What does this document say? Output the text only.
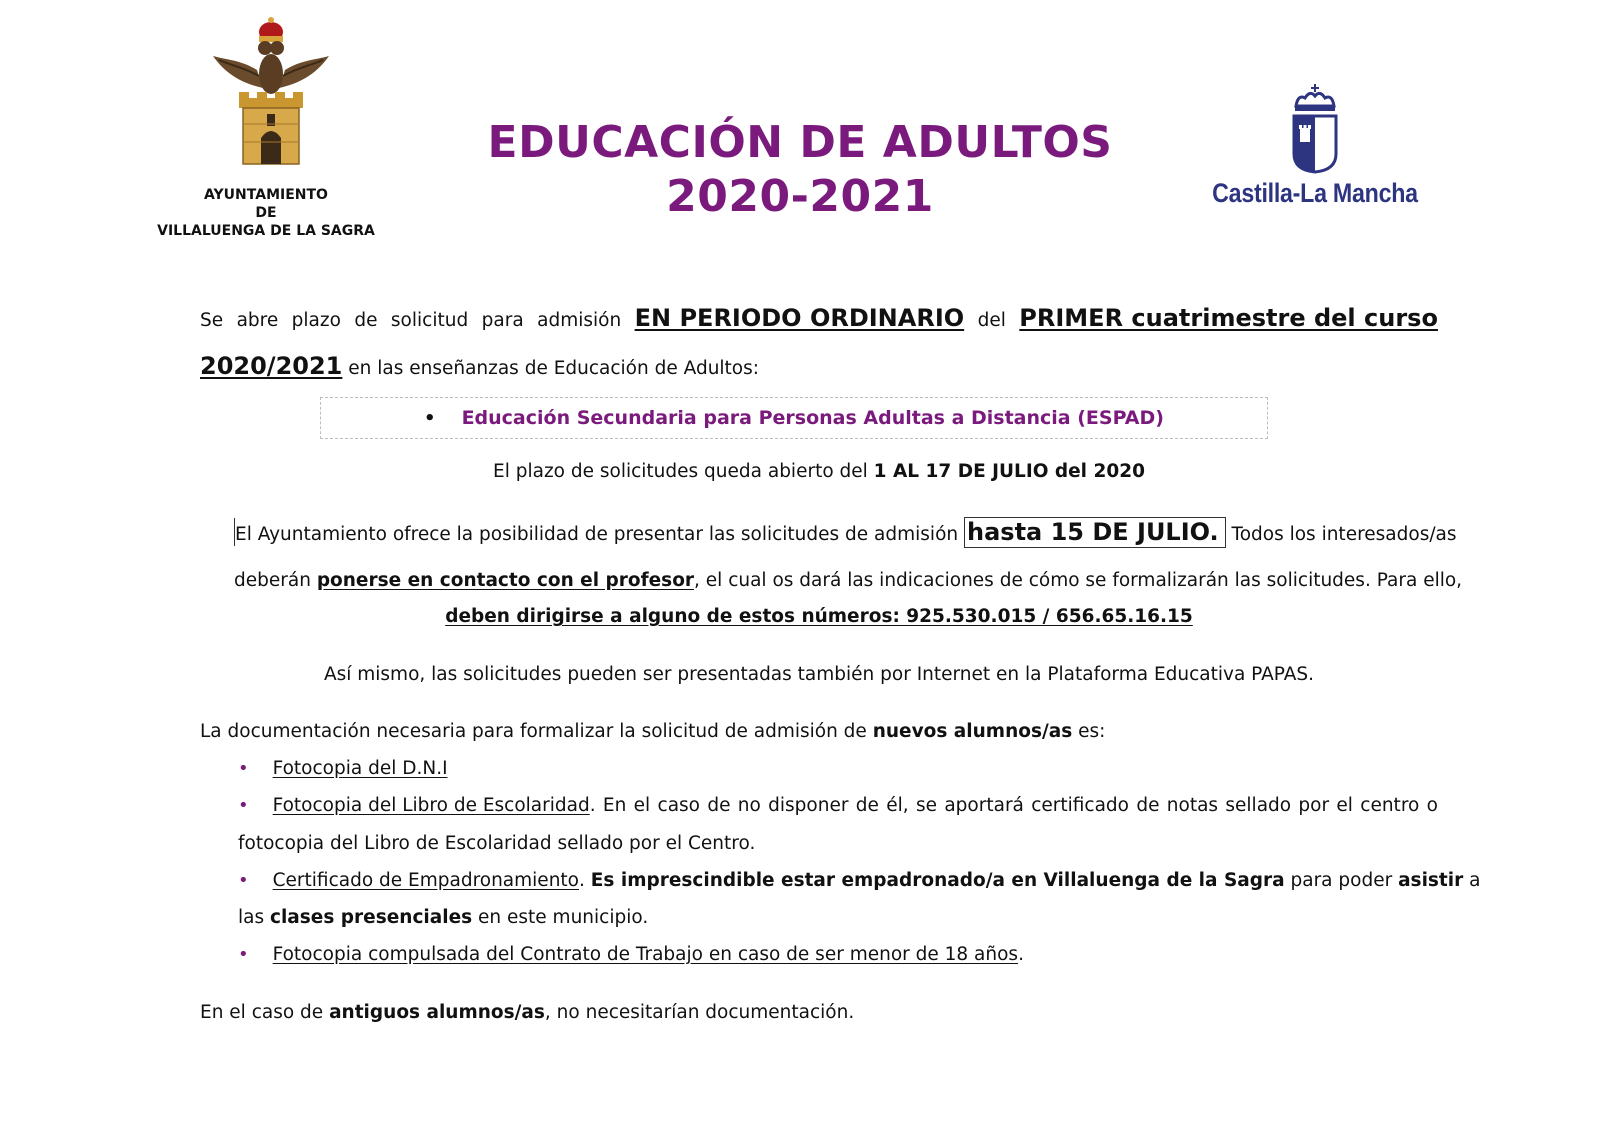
AYUNTAMIENTO
DE
VILLALUENGA DE LA SAGRA
EDUCACIÓN DE ADULTOS
2020-2021	Castilla-La Mancha
Se abre plazo de solicitud para admisión EN PERIODO ORDINARIO del PRIMER cuatrimestre del curso
2020/2021 en las enseñanzas de Educación de Adultos:
• Educación Secundaria para Personas Adultas a Distancia (ESPAD)
El plazo de solicitudes queda abierto del 1 AL 17 DE JULIO del 2020
El Ayuntamiento ofrece la posibilidad de presentar las solicitudes de admisión hasta 15 DE JULIO. Todos los interesados/as
deberán ponerse en contacto con el profesor, el cual os dará las indicaciones de cómo se formalizarán las solicitudes. Para ello,
deben dirigirse a alguno de estos números: 925.530.015 / 656.65.16.15
Así mismo, las solicitudes pueden ser presentadas también por Internet en la Plataforma Educativa PAPAS.
La documentación necesaria para formalizar la solicitud de admisión de nuevos alumnos/as es:
• Fotocopia del D.N.I
• Fotocopia del Libro de Escolaridad . En el caso de no disponer de él, se aportará certificado de notas sellado por el centro o
fotocopia del Libro de Escolaridad sellado por el Centro.
• Certificado de Empadronamiento . Es imprescindible estar empadronado/a en Villaluenga de la Sagra para poder asistir a
las clases presenciales en este municipio.
• Fotocopia compulsada del Contrato de Trabajo en caso de ser menor de 18 años.
En el caso de antiguos alumnos/as, no necesitarían documentación.
